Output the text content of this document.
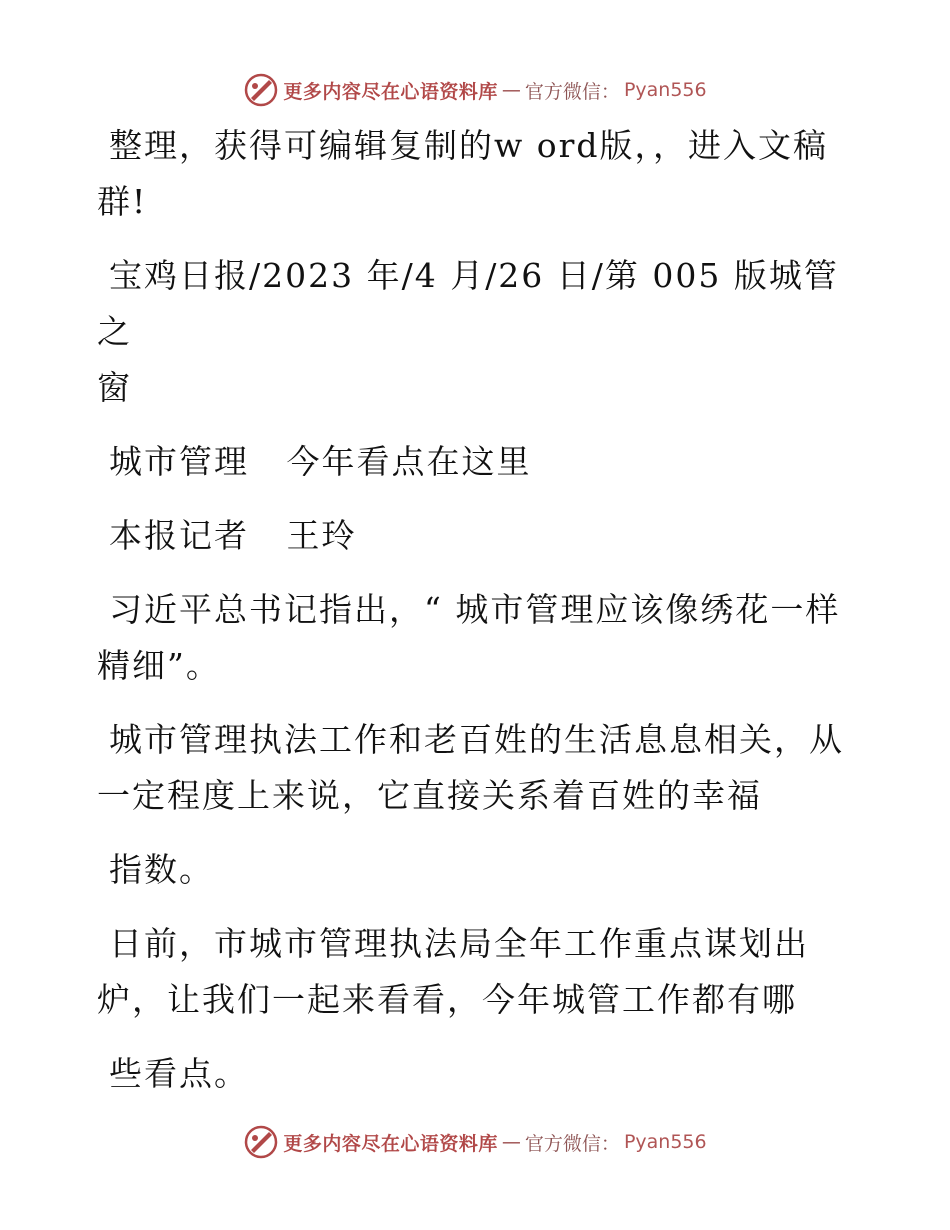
更多内容尽在心语资料库 — 官方微信： Pyan556

整理，获得可编辑复制的w ord版，，进入文稿
群!

宝鸡日报/2023 年/4 月/26 日/第 005 版城管之
窗

城市管理   今年看点在这里

本报记者   王玲

习近平总书记指出，“ 城市管理应该像绣花一样
精细”。

城市管理执法工作和老百姓的生活息息相关，从
一定程度上来说，它直接关系着百姓的幸福

指数。

日前，市城市管理执法局全年工作重点谋划出
炉，让我们一起来看看，今年城管工作都有哪

些看点。

更多内容尽在心语资料库 — 官方微信： Pyan556
